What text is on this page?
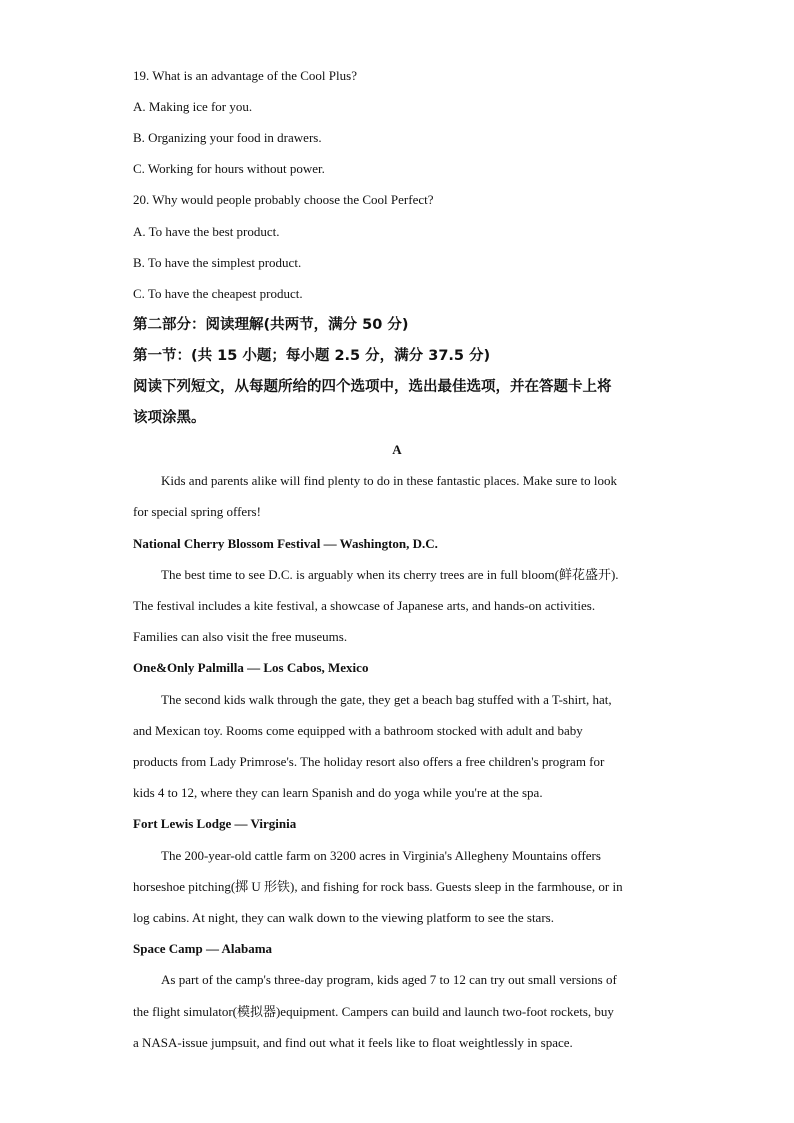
19. What is an advantage of the Cool Plus?
A. Making ice for you.
B. Organizing your food in drawers.
C. Working for hours without power.
20. Why would people probably choose the Cool Perfect?
A. To have the best product.
B. To have the simplest product.
C. To have the cheapest product.
第二部分：阅读理解(共两节，满分 50 分)
第一节：(共 15 小题；每小题 2.5 分，满分 37.5 分)
阅读下列短文，从每题所给的四个选项中，选出最佳选项，并在答题卡上将
该项涂黑。
A
Kids and parents alike will find plenty to do in these fantastic places. Make sure to look
for special spring offers!
National Cherry Blossom Festival — Washington, D.C.
The best time to see D.C. is arguably when its cherry trees are in full bloom(鲜花盛开).
The festival includes a kite festival, a showcase of Japanese arts, and hands-on activities.
Families can also visit the free museums.
One&Only Palmilla — Los Cabos, Mexico
The second kids walk through the gate, they get a beach bag stuffed with a T-shirt, hat,
and Mexican toy. Rooms come equipped with a bathroom stocked with adult and baby
products from Lady Primrose's. The holiday resort also offers a free children's program for
kids 4 to 12, where they can learn Spanish and do yoga while you're at the spa.
Fort Lewis Lodge — Virginia
The 200-year-old cattle farm on 3200 acres in Virginia's Allegheny Mountains offers
horseshoe pitching(掷 U 形铁), and fishing for rock bass. Guests sleep in the farmhouse, or in
log cabins. At night, they can walk down to the viewing platform to see the stars.
Space Camp — Alabama
As part of the camp's three-day program, kids aged 7 to 12 can try out small versions of
the flight simulator(模拟器)equipment. Campers can build and launch two-foot rockets, buy
a NASA-issue jumpsuit, and find out what it feels like to float weightlessly in space.
